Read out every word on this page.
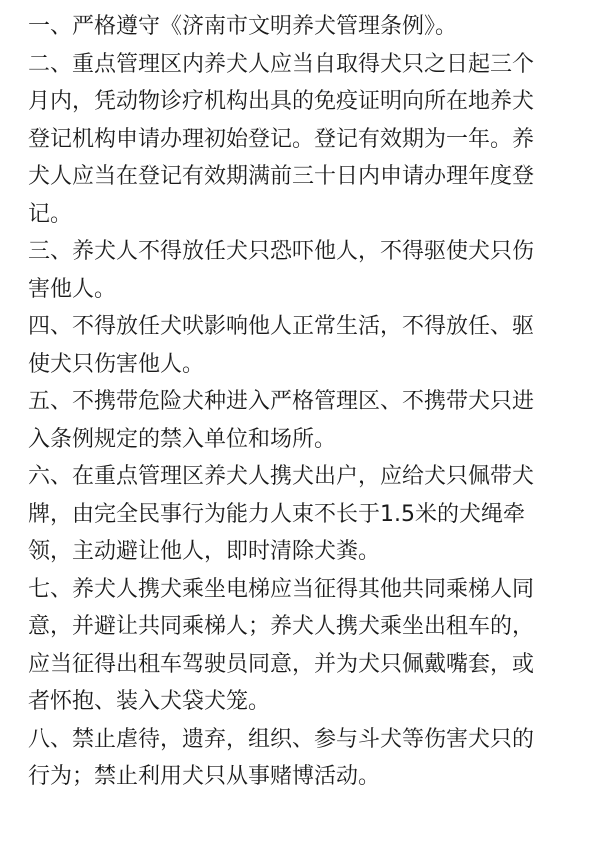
一、严格遵守《济南市文明养犬管理条例》。

二、重点管理区内养犬人应当自取得犬只之日起三个
月内，凭动物诊疗机构出具的免疫证明向所在地养犬
登记机构申请办理初始登记。登记有效期为一年。养
犬人应当在登记有效期满前三十日内申请办理年度登
记。

三、养犬人不得放任犬只恐吓他人，不得驱使犬只伤
害他人。

四、不得放任犬吠影响他人正常生活，不得放任、驱
使犬只伤害他人。

五、不携带危险犬种进入严格管理区、不携带犬只进
入条例规定的禁入单位和场所。

六、在重点管理区养犬人携犬出户，应给犬只佩带犬
牌，由完全民事行为能力人束不长于1.5米的犬绳牵
领，主动避让他人，即时清除犬粪。

七、养犬人携犬乘坐电梯应当征得其他共同乘梯人同
意，并避让共同乘梯人；养犬人携犬乘坐出租车的，
应当征得出租车驾驶员同意，并为犬只佩戴嘴套，或
者怀抱、装入犬袋犬笼。

八、禁止虐待，遗弃，组织、参与斗犬等伤害犬只的
行为；禁止利用犬只从事赌博活动。
